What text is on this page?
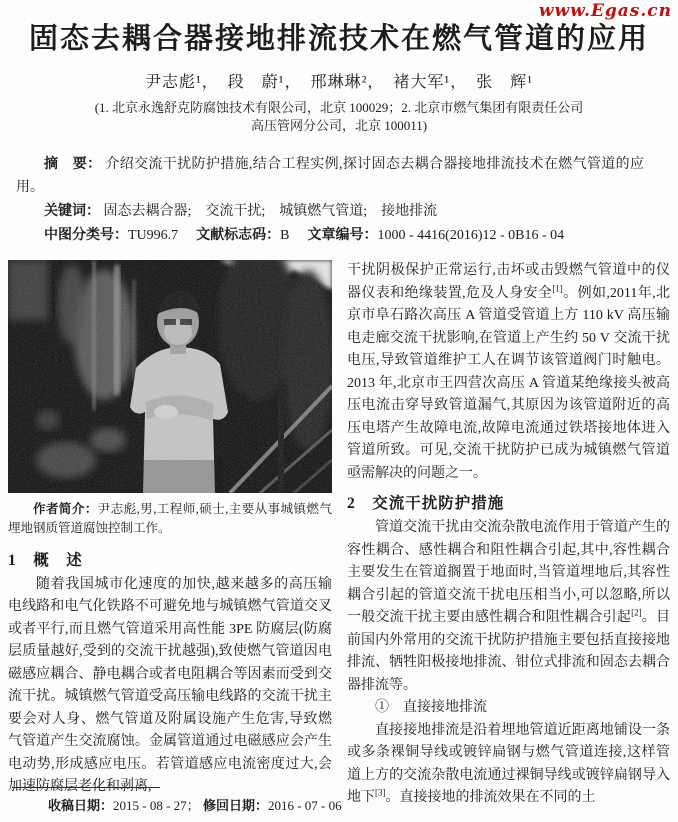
www.Egas.cn
固态去耦合器接地排流技术在燃气管道的应用
尹志彪¹，　段　蔚¹，　邢琳琳²，　褚大军¹，　张　辉¹
(1. 北京永逸舒克防腐蚀技术有限公司，北京 100029；2. 北京市燃气集团有限责任公司
高压管网分公司，北京 100011)

摘　要： 介绍交流干扰防护措施,结合工程实例,探讨固态去耦合器接地排流技术在燃气管道的应用。

关键词： 固态去耦合器;　交流干扰;　城镇燃气管道;　接地排流

中图分类号：TU996.7 文献标志码：B 文章编号：1000 - 4416(2016)12 - 0B16 - 04

作者简介：尹志彪,男,工程师,硕士,主要从事城镇燃气埋地钢质管道腐蚀控制工作。

1　概　述

随着我国城市化速度的加快,越来越多的高压输电线路和电气化铁路不可避免地与城镇燃气管道交叉或者平行,而且燃气管道采用高性能 3PE 防腐层(防腐层质量越好,受到的交流干扰越强),致使燃气管道因电磁感应耦合、静电耦合或者电阻耦合等因素而受到交流干扰。城镇燃气管道受高压输电线路的交流干扰主要会对人身、燃气管道及附属设施产生危害,导致燃气管道产生交流腐蚀。金属管道通过电磁感应会产生电动势,形成感应电压。若管道感应电流密度过大,会加速防腐层老化和剥离,

干扰阴极保护正常运行,击坏或击毁燃气管道中的仪器仪表和绝缘装置,危及人身安全[1]。例如,2011年,北京市阜石路次高压 A 管道受管道上方 110 kV 高压输电走廊交流干扰影响,在管道上产生约 50 V 交流干扰电压,导致管道维护工人在调节该管道阀门时触电。2013 年,北京市王四营次高压 A 管道某绝缘接头被高压电流击穿导致管道漏气,其原因为该管道附近的高压电塔产生故障电流,故障电流通过铁塔接地体进入管道所致。可见,交流干扰防护已成为城镇燃气管道亟需解决的问题之一。

2　交流干扰防护措施

管道交流干扰由交流杂散电流作用于管道产生的容性耦合、感性耦合和阻性耦合引起,其中,容性耦合主要发生在管道搁置于地面时,当管道埋地后,其容性耦合引起的管道交流干扰电压相当小,可以忽略,所以一般交流干扰主要由感性耦合和阻性耦合引起[2]。目前国内外常用的交流干扰防护措施主要包括直接接地排流、牺牲阳极接地排流、钳位式排流和固态去耦合器排流等。

①　直接接地排流

直接接地排流是沿着埋地管道近距离地铺设一条或多条裸铜导线或镀锌扁钢与燃气管道连接,这样管道上方的交流杂散电流通过裸铜导线或镀锌扁钢导入地下[3]。直接接地的排流效果在不同的土

收稿日期：2015 - 08 - 27； 修回日期：2016 - 07 - 06
